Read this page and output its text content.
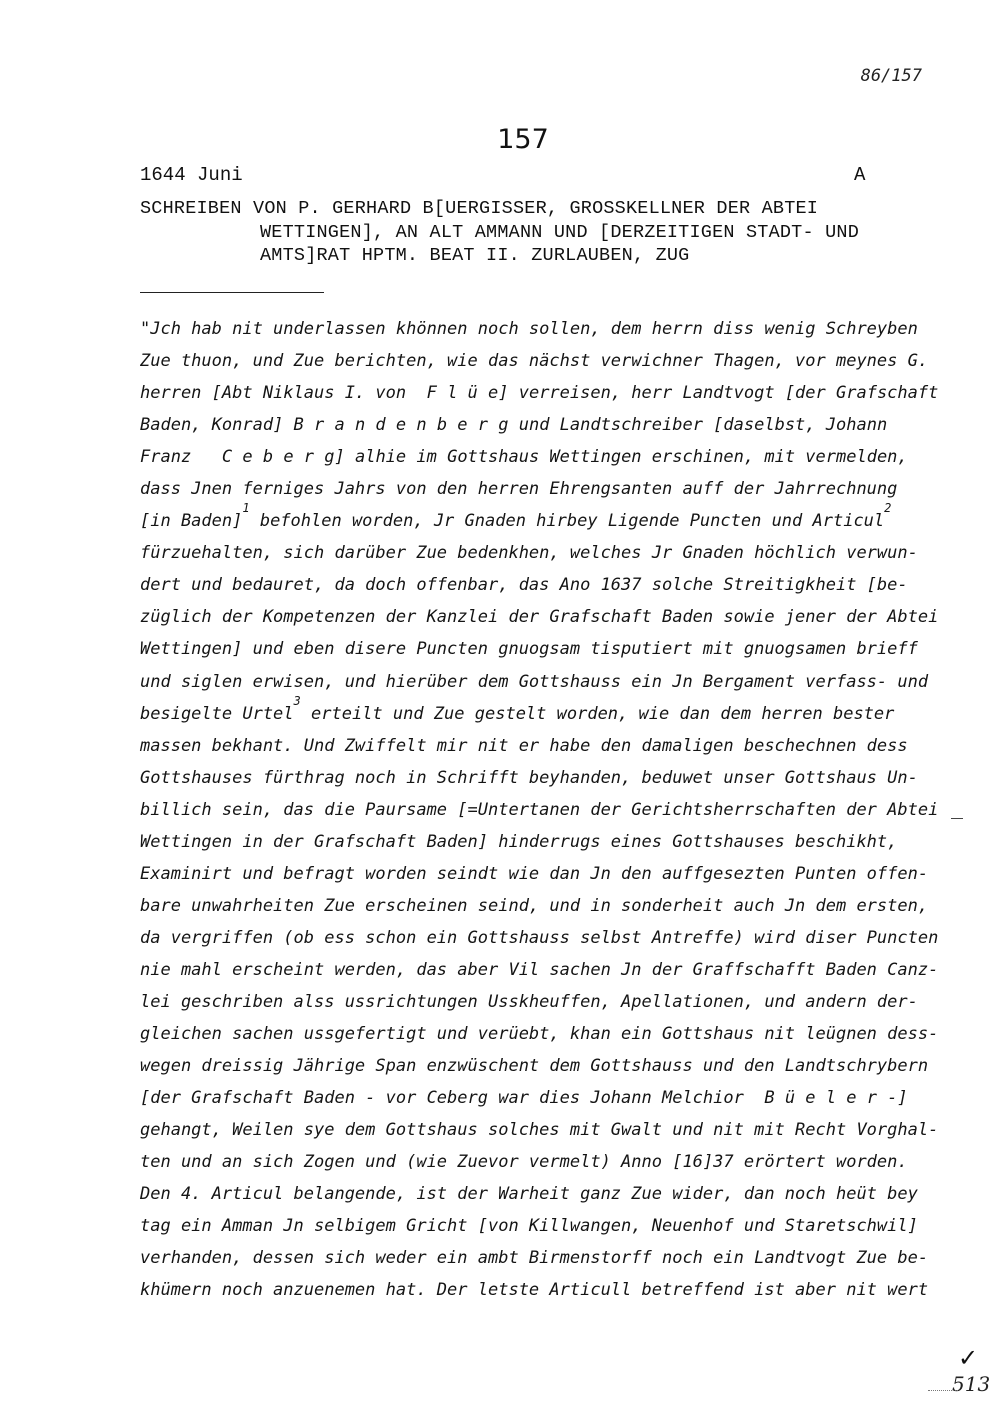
86/157
157
1644 Juni	A
SCHREIBEN VON P. GERHARD B[UERGISSER, GROSSKELLNER DER ABTEI
WETTINGEN], AN ALT AMMANN UND [DERZEITIGEN STADT- UND
AMTS]RAT HPTM. BEAT II. ZURLAUBEN, ZUG
"Jch hab nit underlassen khönnen noch sollen, dem herrn diss wenig Schreyben
Zue thuon, und Zue berichten, wie das nächst verwichner Thagen, vor meynes G.
herren [Abt Niklaus I. von F l ü e] verreisen, herr Landtvogt [der Grafschaft
Baden, Konrad] B r a n d e n b e r g und Landtschreiber [daselbst, Johann
Franz C e b e r g] alhie im Gottshaus Wettingen erschinen, mit vermelden,
dass Jnen ferniges Jahrs von den herren Ehrengsanten auff der Jahrrechnung
[in Baden]$^1$ befohlen worden, Jr Gnaden hirbey Ligende Puncten und Articul$^2$
fürzuehalten, sich darüber Zue bedenkhen, welches Jr Gnaden höchlich verwun-
dert und bedauret, da doch offenbar, das Ano 1637 solche Streitigkheit [be-
züglich der Kompetenzen der Kanzlei der Grafschaft Baden sowie jener der Abtei
Wettingen] und eben disere Puncten gnuogsam tisputiert mit gnuogsamen brieff
und siglen erwisen, und hierüber dem Gottshauss ein Jn Bergament verfass- und
besigelte Urtel$^3$ erteilt und Zue gestelt worden, wie dan dem herren bester
massen bekhant. Und Zwiffelt mir nit er habe den damaligen beschechnen dess
Gottshauses fürthrag noch in Schrifft beyhanden, beduwet unser Gottshaus Un-
billich sein, das die Paursame [=Untertanen der Gerichtsherrschaften der Abtei
Wettingen in der Grafschaft Baden] hinderrugs eines Gottshauses beschikht,
Examinirt und befragt worden seindt wie dan Jn den auffgesezten Punten offen-
bare unwahrheiten Zue erscheinen seind, und in sonderheit auch Jn dem ersten,
da vergriffen (ob ess schon ein Gottshauss selbst Antreffe) wird diser Puncten
nie mahl erscheint werden, das aber Vil sachen Jn der Graffschafft Baden Canz-
lei geschriben alss ussrichtungen Usskheuffen, Apellationen, und andern der-
gleichen sachen ussgefertigt und verüebt, khan ein Gottshaus nit leügnen dess-
wegen dreissig Jährige Span enzwüschent dem Gottshauss und den Landtschrybern
[der Grafschaft Baden - vor Ceberg war dies Johann Melchior B ü e l e r -]
gehangt, Weilen sye dem Gottshaus solches mit Gwalt und nit mit Recht Vorghal-
ten und an sich Zogen und (wie Zuevor vermelt) Anno [16]37 erörtert worden.
Den 4. Articul belangende, ist der Warheit ganz Zue wider, dan noch heüt bey
tag ein Amman Jn selbigem Gricht [von Killwangen, Neuenhof und Staretschwil]
verhanden, dessen sich weder ein ambt Birmenstorff noch ein Landtvogt Zue be-
khümern noch anzuenemen hat. Der letste Articull betreffend ist aber nit wert
✓
513
